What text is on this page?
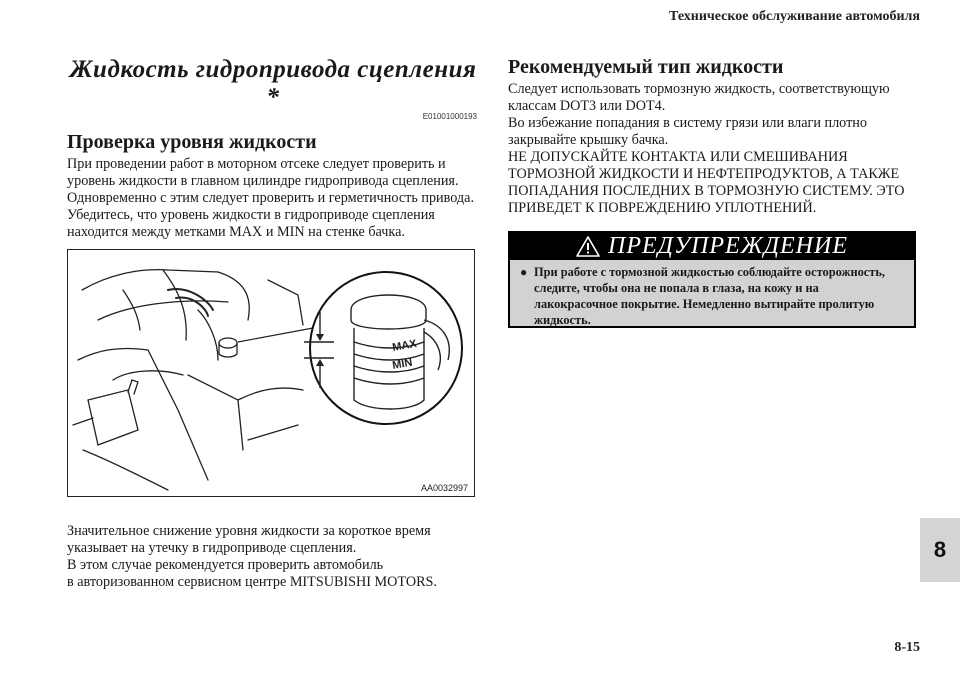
Техническое обслуживание автомобиля
Жидкость гидропривода сцепления *
E01001000193
Проверка уровня жидкости

При проведении работ в моторном отсеке следует проверить и уровень жидкости в главном цилиндре гидропривода сцепления. Одновременно с этим следует проверить и герметичность привода. Убедитесь, что уровень жидкости в гидроприводе сцепления находится между метками MAX и MIN на стенке бачка.

MAX
MIN
AA0032997
Значительное снижение уровня жидкости за короткое время
указывает на утечку в гидроприводе сцепления.
В этом случае рекомендуется проверить автомобиль
в авторизованном сервисном центре MITSUBISHI MOTORS.
Рекомендуемый тип жидкости
Следует использовать тормозную жидкость, соответствующую
классам DOT3 или DOT4.
Во избежание попадания в систему грязи или влаги плотно
закрывайте крышку бачка.
НЕ ДОПУСКАЙТЕ КОНТАКТА ИЛИ СМЕШИВАНИЯ
ТОРМОЗНОЙ ЖИДКОСТИ И НЕФТЕПРОДУКТОВ, А ТАКЖЕ
ПОПАДАНИЯ ПОСЛЕДНИХ В ТОРМОЗНУЮ СИСТЕМУ. ЭТО
ПРИВЕДЕТ К ПОВРЕЖДЕНИЮ УПЛОТНЕНИЙ.
ПРЕДУПРЕЖДЕНИЕ
● При работе с тормозной жидкостью соблюдайте осторожность, следите, чтобы она не попала в глаза, на кожу и на лакокрасочное покрытие. Немедленно вытирайте пролитую жидкость.
8
8-15
